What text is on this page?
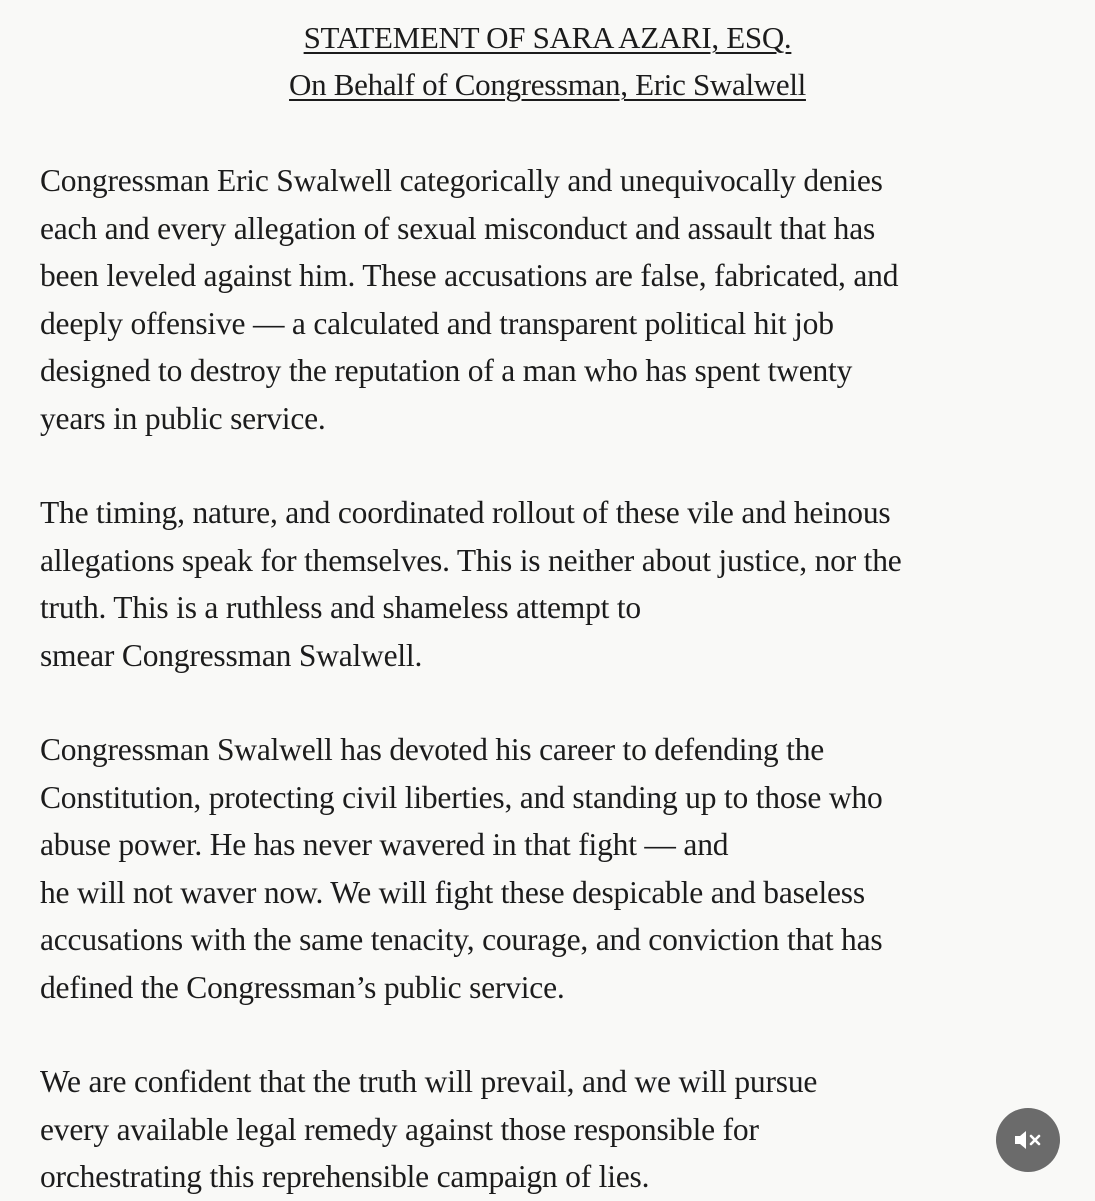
STATEMENT OF SARA AZARI, ESQ.
On Behalf of Congressman, Eric Swalwell

Congressman Eric Swalwell categorically and unequivocally denies
each and every allegation of sexual misconduct and assault that has
been leveled against him. These accusations are false, fabricated, and
deeply offensive — a calculated and transparent political hit job
designed to destroy the reputation of a man who has spent twenty
years in public service.

The timing, nature, and coordinated rollout of these vile and heinous
allegations speak for themselves. This is neither about justice, nor the
truth. This is a ruthless and shameless attempt to
smear Congressman Swalwell.

Congressman Swalwell has devoted his career to defending the
Constitution, protecting civil liberties, and standing up to those who
abuse power. He has never wavered in that fight — and
he will not waver now. We will fight these despicable and baseless
accusations with the same tenacity, courage, and conviction that has
defined the Congressman’s public service.

We are confident that the truth will prevail, and we will pursue
every available legal remedy against those responsible for
orchestrating this reprehensible campaign of lies.
